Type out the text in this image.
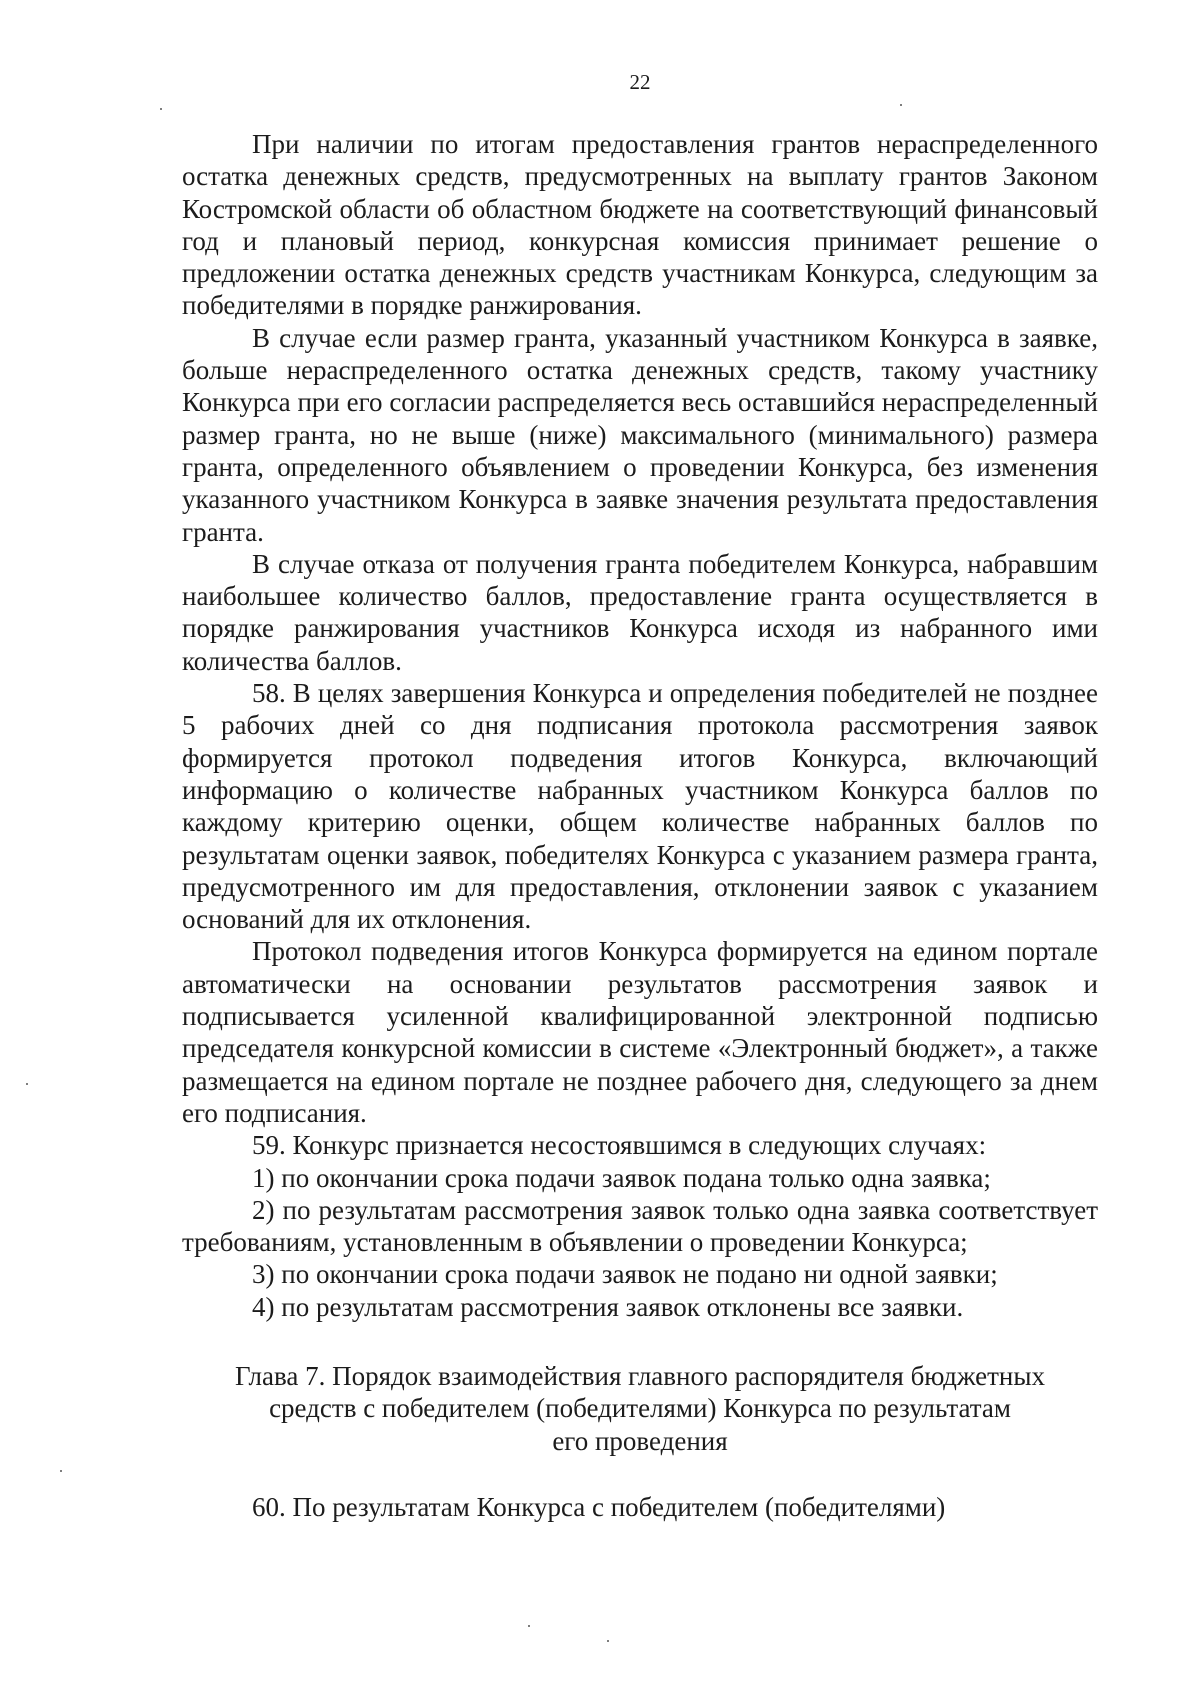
22

При наличии по итогам предоставления грантов нераспределенного остатка денежных средств, предусмотренных на выплату грантов Законом Костромской области об областном бюджете на соответствующий финансовый год и плановый период, конкурсная комиссия принимает решение о предложении остатка денежных средств участникам Конкурса, следующим за победителями в порядке ранжирования.

В случае если размер гранта, указанный участником Конкурса в заявке, больше нераспределенного остатка денежных средств, такому участнику Конкурса при его согласии распределяется весь оставшийся нераспределенный размер гранта, но не выше (ниже) максимального (минимального) размера гранта, определенного объявлением о проведении Конкурса, без изменения указанного участником Конкурса в заявке значения результата предоставления гранта.

В случае отказа от получения гранта победителем Конкурса, набравшим наибольшее количество баллов, предоставление гранта осуществляется в порядке ранжирования участников Конкурса исходя из набранного ими количества баллов.

58. В целях завершения Конкурса и определения победителей не позднее 5 рабочих дней со дня подписания протокола рассмотрения заявок формируется протокол подведения итогов Конкурса, включающий информацию о количестве набранных участником Конкурса баллов по каждому критерию оценки, общем количестве набранных баллов по результатам оценки заявок, победителях Конкурса с указанием размера гранта, предусмотренного им для предоставления, отклонении заявок с указанием оснований для их отклонения.

Протокол подведения итогов Конкурса формируется на едином портале автоматически на основании результатов рассмотрения заявок и подписывается усиленной квалифицированной электронной подписью председателя конкурсной комиссии в системе «Электронный бюджет», а также размещается на едином портале не позднее рабочего дня, следующего за днем его подписания.

59. Конкурс признается несостоявшимся в следующих случаях:

1) по окончании срока подачи заявок подана только одна заявка;

2) по результатам рассмотрения заявок только одна заявка соответствует требованиям, установленным в объявлении о проведении Конкурса;

3) по окончании срока подачи заявок не подано ни одной заявки;

4) по результатам рассмотрения заявок отклонены все заявки.

Глава 7. Порядок взаимодействия главного распорядителя бюджетных
средств с победителем (победителями) Конкурса по результатам
его проведения

60. По результатам Конкурса с победителем (победителями)
